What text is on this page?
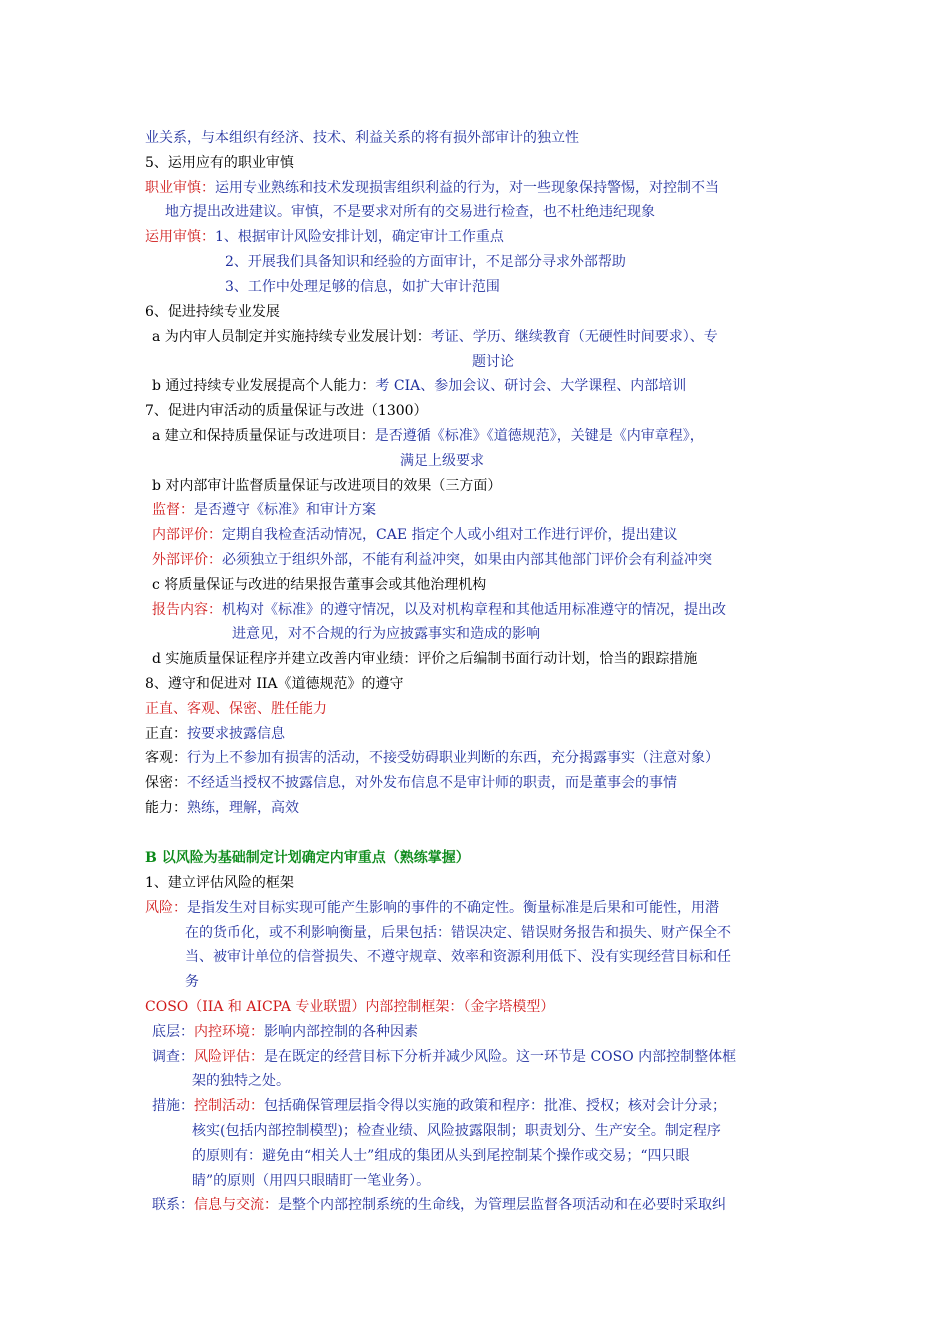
业关系，与本组织有经济、技术、利益关系的将有损外部审计的独立性
5、运用应有的职业审慎
职业审慎：运用专业熟练和技术发现损害组织利益的行为，对一些现象保持警惕，对控制不当
地方提出改进建议。审慎，不是要求对所有的交易进行检查，也不杜绝违纪现象
运用审慎：1、根据审计风险安排计划，确定审计工作重点
2、开展我们具备知识和经验的方面审计，不足部分寻求外部帮助
3、工作中处理足够的信息，如扩大审计范围
6、促进持续专业发展
a 为内审人员制定并实施持续专业发展计划：考证、学历、继续教育（无硬性时间要求）、专
题讨论
b 通过持续专业发展提高个人能力：考 CIA、参加会议、研讨会、大学课程、内部培训
7、促进内审活动的质量保证与改进（1300）
a 建立和保持质量保证与改进项目：是否遵循《标准》《道德规范》，关键是《内审章程》，
满足上级要求
b 对内部审计监督质量保证与改进项目的效果（三方面）
监督：是否遵守《标准》和审计方案
内部评价：定期自我检查活动情况，CAE 指定个人或小组对工作进行评价，提出建议
外部评价：必须独立于组织外部，不能有利益冲突，如果由内部其他部门评价会有利益冲突
c 将质量保证与改进的结果报告董事会或其他治理机构
报告内容：机构对《标准》的遵守情况，以及对机构章程和其他适用标准遵守的情况，提出改
进意见，对不合规的行为应披露事实和造成的影响
d 实施质量保证程序并建立改善内审业绩：评价之后编制书面行动计划，恰当的跟踪措施
8、遵守和促进对 IIA《道德规范》的遵守
正直、客观、保密、胜任能力
正直：按要求披露信息
客观：行为上不参加有损害的活动，不接受妨碍职业判断的东西，充分揭露事实（注意对象）
保密：不经适当授权不披露信息，对外发布信息不是审计师的职责，而是董事会的事情
能力：熟练，理解，高效
B 以风险为基础制定计划确定内审重点（熟练掌握）
1、建立评估风险的框架
风险：是指发生对目标实现可能产生影响的事件的不确定性。衡量标准是后果和可能性，用潜
在的货币化，或不利影响衡量，后果包括：错误决定、错误财务报告和损失、财产保全不
当、被审计单位的信誉损失、不遵守规章、效率和资源利用低下、没有实现经营目标和任
务
COSO（IIA 和 AICPA 专业联盟）内部控制框架：（金字塔模型）
底层：内控环境：影响内部控制的各种因素
调查：风险评估：是在既定的经营目标下分析并减少风险。这一环节是 COSO 内部控制整体框
架的独特之处。
措施：控制活动：包括确保管理层指令得以实施的政策和程序：批准、授权；核对会计分录；
核实(包括内部控制模型)；检查业绩、风险披露限制；职责划分、生产安全。制定程序
的原则有：避免由“相关人士”组成的集团从头到尾控制某个操作或交易；“四只眼
睛”的原则（用四只眼睛盯一笔业务）。
联系：信息与交流：是整个内部控制系统的生命线，为管理层监督各项活动和在必要时采取纠
